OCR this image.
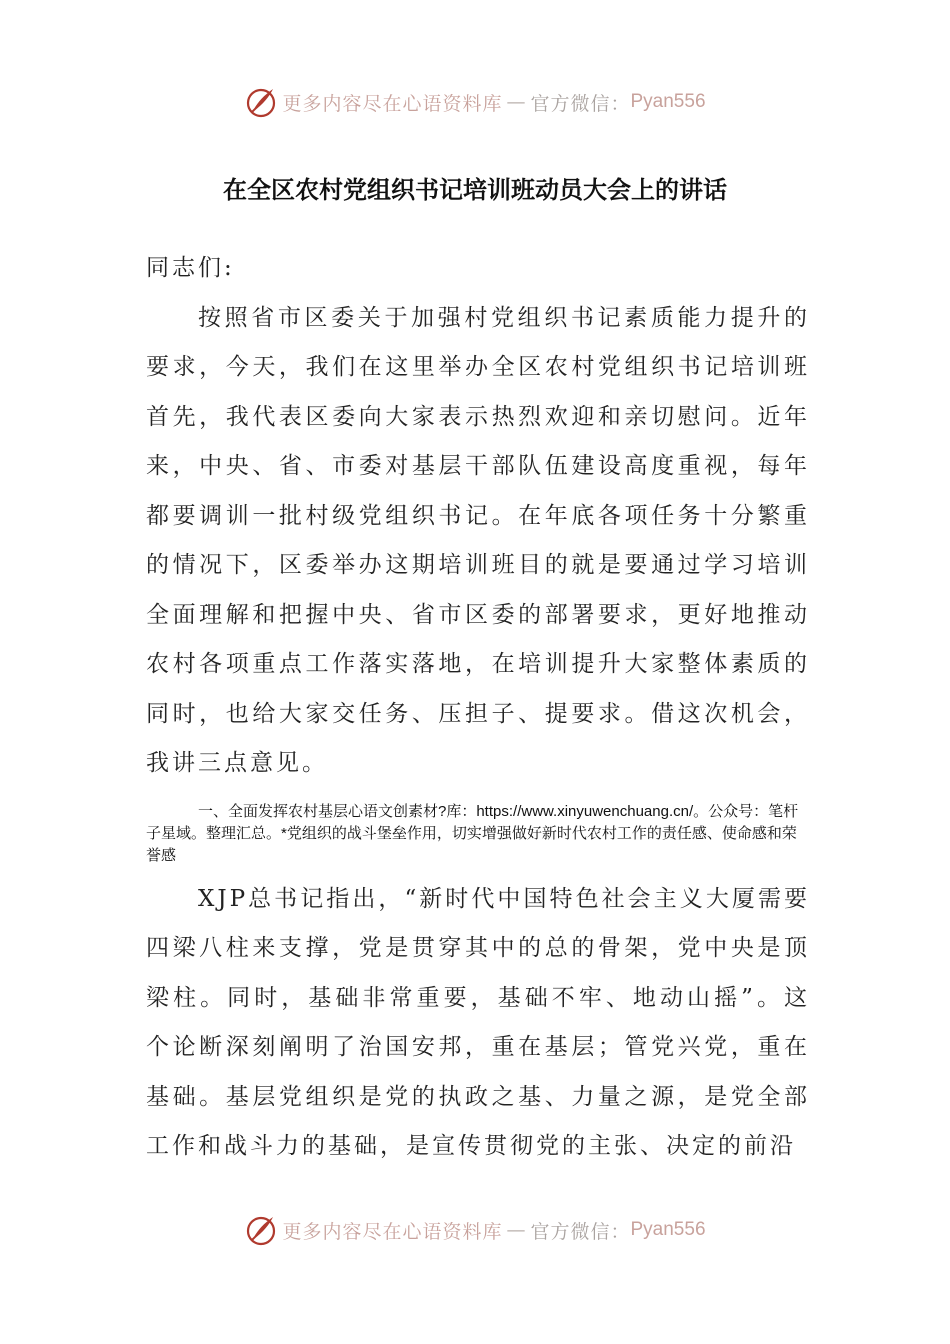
更多内容尽在心语资料库 — 官方微信： Pyan556
在全区农村党组织书记培训班动员大会上的讲话

同志们:

按照省市区委关于加强村党组织书记素质能力提升的要求，今天，我们在这里举办全区农村党组织书记培训班首先，我代表区委向大家表示热烈欢迎和亲切慰问。近年来，中央、省、市委对基层干部队伍建设高度重视，每年都要调训一批村级党组织书记。在年底各项任务十分繁重的情况下，区委举办这期培训班目的就是要通过学习培训全面理解和把握中央、省市区委的部署要求，更好地推动农村各项重点工作落实落地，在培训提升大家整体素质的同时，也给大家交任务、压担子、提要求。借这次机会，我讲三点意见。

一、全面发挥农村基层心语文创素材?库：https://www.xinyuwenchuang.cn/。公众号：笔杆子星域。整理汇总。*党组织的战斗堡垒作用，切实增强做好新时代农村工作的责任感、使命感和荣誉感

XJP总书记指出，“新时代中国特色社会主义大厦需要四梁八柱来支撑，党是贯穿其中的总的骨架，党中央是顶梁柱。同时，基础非常重要，基础不牢、地动山摇”。这个论断深刻阐明了治国安邦，重在基层；管党兴党，重在基础。基层党组织是党的执政之基、力量之源，是党全部工作和战斗力的基础，是宣传贯彻党的主张、决定的前沿

更多内容尽在心语资料库 — 官方微信： Pyan556
